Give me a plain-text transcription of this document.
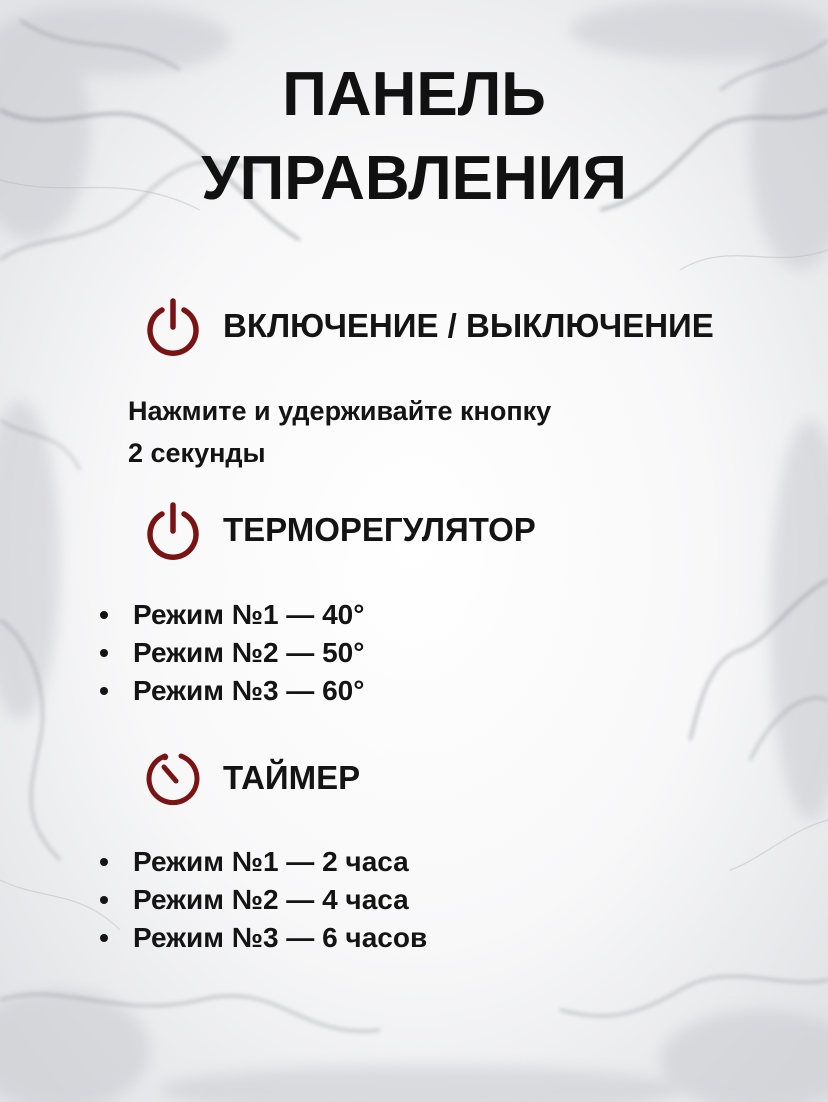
ПАНЕЛЬ
УПРАВЛЕНИЯ
ВКЛЮЧЕНИЕ / ВЫКЛЮЧЕНИЕ
Нажмите и удерживайте кнопку
2 секунды
ТЕРМОРЕГУЛЯТОР
Режим №1 — 40°
Режим №2 — 50°
Режим №3 — 60°
ТАЙМЕР
Режим №1 — 2 часа
Режим №2 — 4 часа
Режим №3 — 6 часов
